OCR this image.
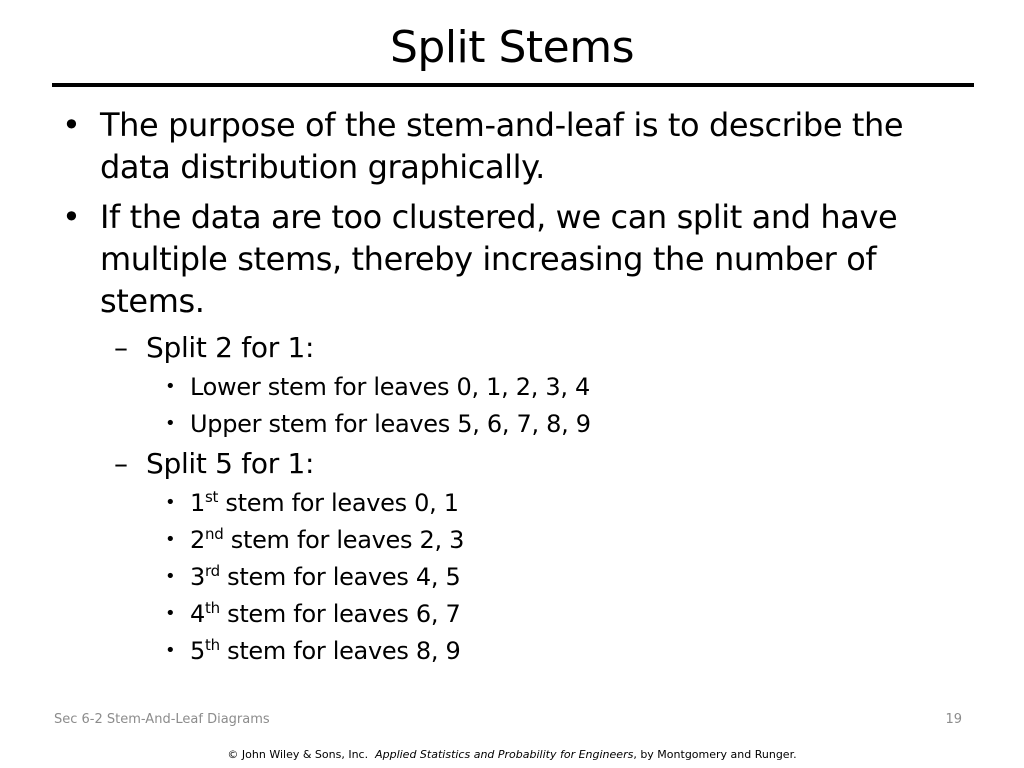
Split Stems
• The purpose of the stem-and-leaf is to describe the data distribution graphically.
• If the data are too clustered, we can split and have multiple stems, thereby increasing the number of stems.
– Split 2 for 1:
• Lower stem for leaves 0, 1, 2, 3, 4
• Upper stem for leaves 5, 6, 7, 8, 9
– Split 5 for 1:
• 1st stem for leaves 0, 1
• 2nd stem for leaves 2, 3
• 3rd stem for leaves 4, 5
• 4th stem for leaves 6, 7
• 5th stem for leaves 8, 9
Sec 6-2 Stem-And-Leaf Diagrams	19
© John Wiley & Sons, Inc.  Applied Statistics and Probability for Engineers, by Montgomery and Runger.
